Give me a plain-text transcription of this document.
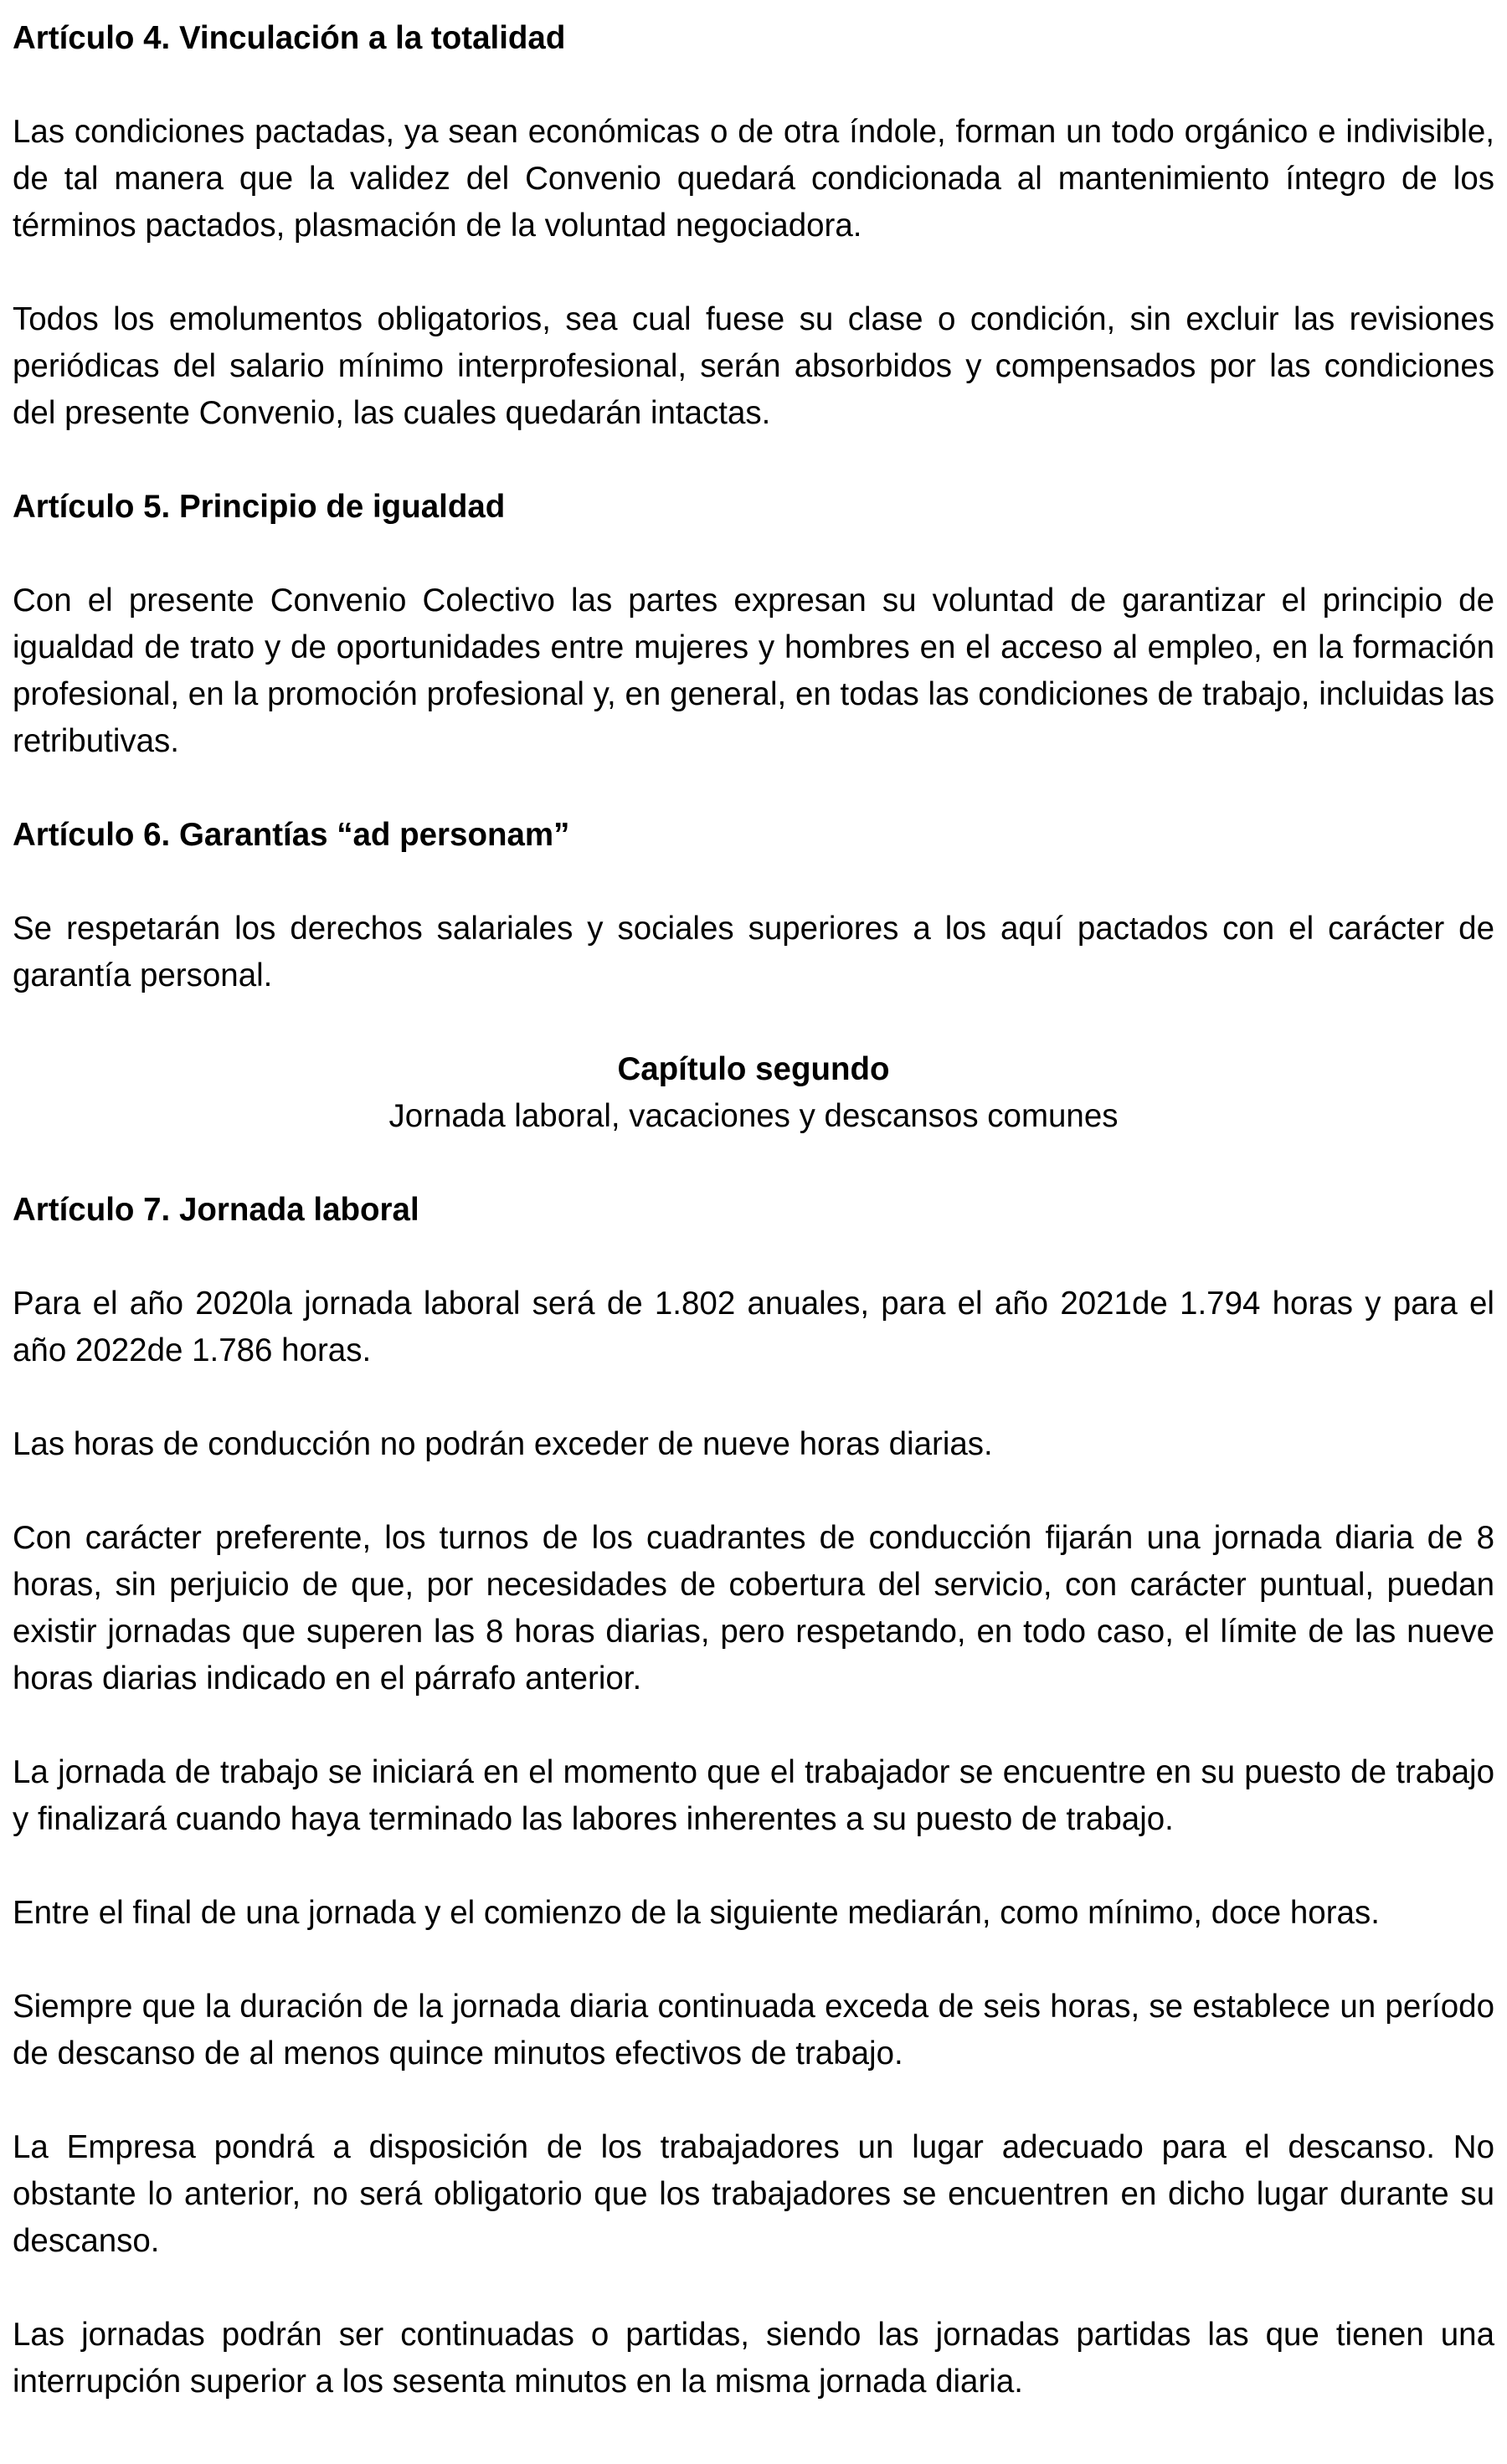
Artículo 4. Vinculación a la totalidad

Las condiciones pactadas, ya sean económicas o de otra índole, forman un todo orgánico e indivisible, de tal manera que la validez del Convenio quedará condicionada al mantenimiento íntegro de los términos pactados, plasmación de la voluntad negociadora.

Todos los emolumentos obligatorios, sea cual fuese su clase o condición, sin excluir las revisiones periódicas del salario mínimo interprofesional, serán absorbidos y compensados por las condiciones del presente Convenio, las cuales quedarán intactas.

Artículo 5. Principio de igualdad

Con el presente Convenio Colectivo las partes expresan su voluntad de garantizar el principio de igualdad de trato y de oportunidades entre mujeres y hombres en el acceso al empleo, en la formación profesional, en la promoción profesional y, en general, en todas las condiciones de trabajo, incluidas las retributivas.

Artículo 6. Garantías “ad personam”

Se respetarán los derechos salariales y sociales superiores a los aquí pactados con el carácter de garantía personal.

Capítulo segundo
Jornada laboral, vacaciones y descansos comunes
Artículo 7. Jornada laboral

Para el año 2020la jornada laboral será de 1.802 anuales, para el año 2021de 1.794 horas y para el año 2022de 1.786 horas.

Las horas de conducción no podrán exceder de nueve horas diarias.

Con carácter preferente, los turnos de los cuadrantes de conducción fijarán una jornada diaria de 8 horas, sin perjuicio de que, por necesidades de cobertura del servicio, con carácter puntual, puedan existir jornadas que superen las 8 horas diarias, pero respetando, en todo caso, el límite de las nueve horas diarias indicado en el párrafo anterior.

La jornada de trabajo se iniciará en el momento que el trabajador se encuentre en su puesto de trabajo y finalizará cuando haya terminado las labores inherentes a su puesto de trabajo.

Entre el final de una jornada y el comienzo de la siguiente mediarán, como mínimo, doce horas.

Siempre que la duración de la jornada diaria continuada exceda de seis horas, se establece un período de descanso de al menos quince minutos efectivos de trabajo.

La Empresa pondrá a disposición de los trabajadores un lugar adecuado para el descanso. No obstante lo anterior, no será obligatorio que los trabajadores se encuentren en dicho lugar durante su descanso.

Las jornadas podrán ser continuadas o partidas, siendo las jornadas partidas las que tienen una interrupción superior a los sesenta minutos en la misma jornada diaria.
